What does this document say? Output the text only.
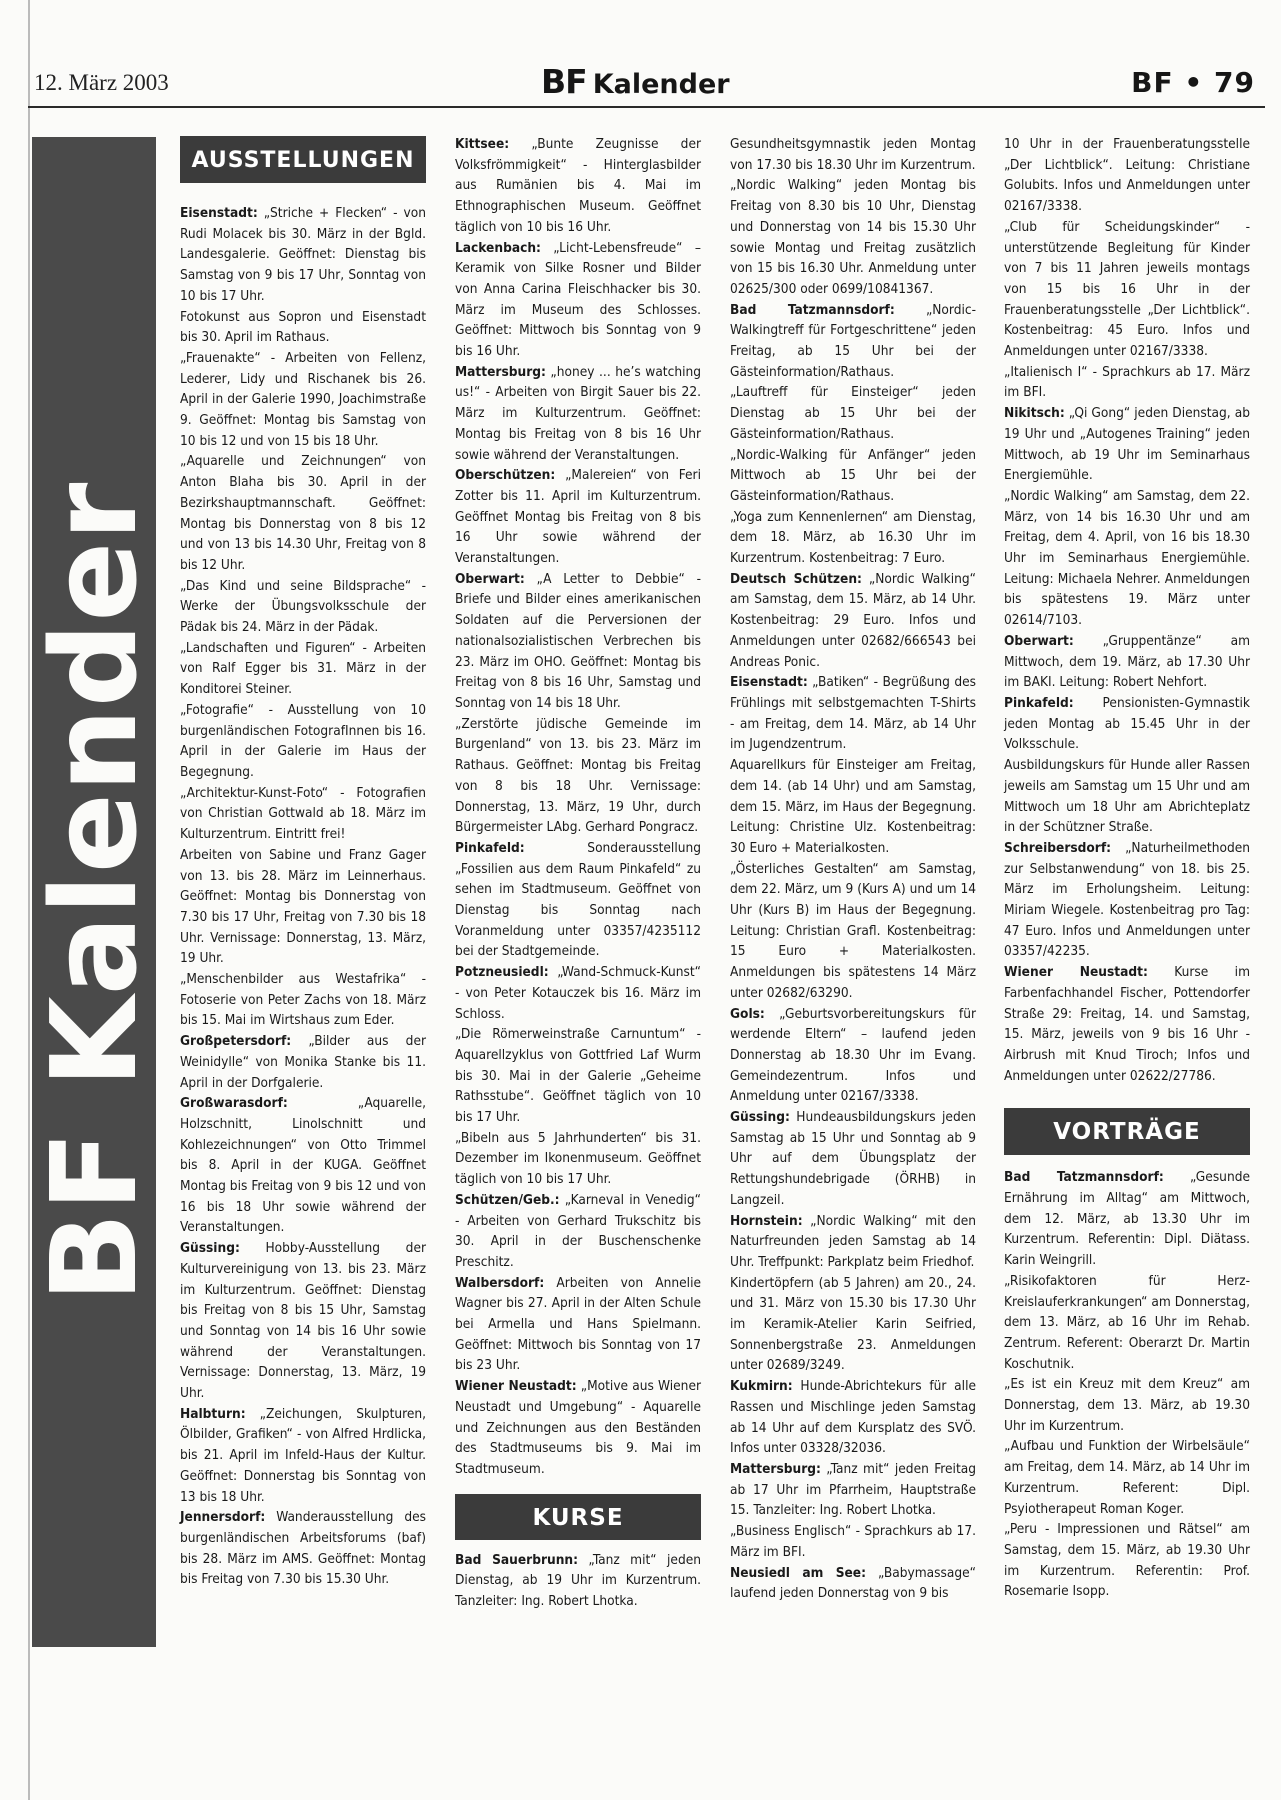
12. März 2003	BF Kalender	BF • 79
BF Kalender
AUSSTELLUNGEN

Eisenstadt: „Striche + Flecken“ - von Rudi Molacek bis 30. März in der Bgld. Landesgalerie. Geöffnet: Dienstag bis Samstag von 9 bis 17 Uhr, Sonntag von 10 bis 17 Uhr.

Fotokunst aus Sopron und Eisenstadt bis 30. April im Rathaus.

„Frauenakte“ - Arbeiten von Fellenz, Lederer, Lidy und Rischanek bis 26. April in der Galerie 1990, Joachimstraße 9. Geöffnet: Montag bis Samstag von 10 bis 12 und von 15 bis 18 Uhr.

„Aquarelle und Zeichnungen“ von Anton Blaha bis 30. April in der Bezirkshauptmannschaft. Geöffnet: Montag bis Donnerstag von 8 bis 12 und von 13 bis 14.30 Uhr, Freitag von 8 bis 12 Uhr.

„Das Kind und seine Bildsprache“ - Werke der Übungsvolksschule der Pädak bis 24. März in der Pädak.

„Landschaften und Figuren“ - Arbeiten von Ralf Egger bis 31. März in der Konditorei Steiner.

„Fotografie“ - Ausstellung von 10 burgenländischen FotografInnen bis 16. April in der Galerie im Haus der Begegnung.

„Architektur-Kunst-Foto“ - Fotografien von Christian Gottwald ab 18. März im Kulturzentrum. Eintritt frei!

Arbeiten von Sabine und Franz Gager von 13. bis 28. März im Leinnerhaus. Geöffnet: Montag bis Donnerstag von 7.30 bis 17 Uhr, Freitag von 7.30 bis 18 Uhr. Vernissage: Donnerstag, 13. März, 19 Uhr.

„Menschenbilder aus Westafrika“ - Fotoserie von Peter Zachs von 18. März bis 15. Mai im Wirtshaus zum Eder.

Großpetersdorf: „Bilder aus der Weinidylle“ von Monika Stanke bis 11. April in der Dorfgalerie.

Großwarasdorf: „Aquarelle, Holzschnitt, Linolschnitt und Kohlezeichnungen“ von Otto Trimmel bis 8. April in der KUGA. Geöffnet Montag bis Freitag von 9 bis 12 und von 16 bis 18 Uhr sowie während der Veranstaltungen.

Güssing: Hobby-Ausstellung der Kulturvereinigung von 13. bis 23. März im Kulturzentrum. Geöffnet: Dienstag bis Freitag von 8 bis 15 Uhr, Samstag und Sonntag von 14 bis 16 Uhr sowie während der Veranstaltungen. Vernissage: Donnerstag, 13. März, 19 Uhr.

Halbturn: „Zeichungen, Skulpturen, Ölbilder, Grafiken“ - von Alfred Hrdlicka, bis 21. April im Infeld-Haus der Kultur. Geöffnet: Donnerstag bis Sonntag von 13 bis 18 Uhr.

Jennersdorf: Wanderausstellung des burgenländischen Arbeitsforums (baf) bis 28. März im AMS. Geöffnet: Montag bis Freitag von 7.30 bis 15.30 Uhr.

Kittsee: „Bunte Zeugnisse der Volksfrömmigkeit“ - Hinterglasbilder aus Rumänien bis 4. Mai im Ethnographischen Museum. Geöffnet täglich von 10 bis 16 Uhr.

Lackenbach: „Licht-Lebensfreude“ – Keramik von Silke Rosner und Bilder von Anna Carina Fleischhacker bis 30. März im Museum des Schlosses. Geöffnet: Mittwoch bis Sonntag von 9 bis 16 Uhr.

Mattersburg: „honey ... he’s watching us!“ - Arbeiten von Birgit Sauer bis 22. März im Kulturzentrum. Geöffnet: Montag bis Freitag von 8 bis 16 Uhr sowie während der Veranstaltungen.

Oberschützen: „Malereien“ von Feri Zotter bis 11. April im Kulturzentrum. Geöffnet Montag bis Freitag von 8 bis 16 Uhr sowie während der Veranstaltungen.

Oberwart: „A Letter to Debbie“ - Briefe und Bilder eines amerikanischen Soldaten auf die Perversionen der nationalsozialistischen Verbrechen bis 23. März im OHO. Geöffnet: Montag bis Freitag von 8 bis 16 Uhr, Samstag und Sonntag von 14 bis 18 Uhr.

„Zerstörte jüdische Gemeinde im Burgenland“ von 13. bis 23. März im Rathaus. Geöffnet: Montag bis Freitag von 8 bis 18 Uhr. Vernissage: Donnerstag, 13. März, 19 Uhr, durch Bürgermeister LAbg. Gerhard Pongracz.

Pinkafeld: Sonderausstellung „Fossilien aus dem Raum Pinkafeld“ zu sehen im Stadtmuseum. Geöffnet von Dienstag bis Sonntag nach Voranmeldung unter 03357/4235112 bei der Stadtgemeinde.

Potzneusiedl: „Wand-Schmuck-Kunst“ - von Peter Kotauczek bis 16. März im Schloss.

„Die Römerweinstraße Carnuntum“ - Aquarellzyklus von Gottfried Laf Wurm bis 30. Mai in der Galerie „Geheime Rathsstube“. Geöffnet täglich von 10 bis 17 Uhr.

„Bibeln aus 5 Jahrhunderten“ bis 31. Dezember im Ikonenmuseum. Geöffnet täglich von 10 bis 17 Uhr.

Schützen/Geb.: „Karneval in Venedig“ - Arbeiten von Gerhard Trukschitz bis 30. April in der Buschenschenke Preschitz.

Walbersdorf: Arbeiten von Annelie Wagner bis 27. April in der Alten Schule bei Armella und Hans Spielmann. Geöffnet: Mittwoch bis Sonntag von 17 bis 23 Uhr.

Wiener Neustadt: „Motive aus Wiener Neustadt und Umgebung“ - Aquarelle und Zeichnungen aus den Beständen des Stadtmuseums bis 9. Mai im Stadtmuseum.

KURSE

Bad Sauerbrunn: „Tanz mit“ jeden Dienstag, ab 19 Uhr im Kurzentrum. Tanzleiter: Ing. Robert Lhotka.

Gesundheitsgymnastik jeden Montag von 17.30 bis 18.30 Uhr im Kurzentrum.

„Nordic Walking“ jeden Montag bis Freitag von 8.30 bis 10 Uhr, Dienstag und Donnerstag von 14 bis 15.30 Uhr sowie Montag und Freitag zusätzlich von 15 bis 16.30 Uhr. Anmeldung unter 02625/300 oder 0699/10841367.

Bad Tatzmannsdorf: „Nordic-Walkingtreff für Fortgeschrittene“ jeden Freitag, ab 15 Uhr bei der Gästeinformation/Rathaus.

„Lauftreff für Einsteiger“ jeden Dienstag ab 15 Uhr bei der Gästeinformation/Rathaus.

„Nordic-Walking für Anfänger“ jeden Mittwoch ab 15 Uhr bei der Gästeinformation/Rathaus.

„Yoga zum Kennenlernen“ am Dienstag, dem 18. März, ab 16.30 Uhr im Kurzentrum. Kostenbeitrag: 7 Euro.

Deutsch Schützen: „Nordic Walking“ am Samstag, dem 15. März, ab 14 Uhr. Kostenbeitrag: 29 Euro. Infos und Anmeldungen unter 02682/666543 bei Andreas Ponic.

Eisenstadt: „Batiken“ - Begrüßung des Frühlings mit selbstgemachten T-Shirts - am Freitag, dem 14. März, ab 14 Uhr im Jugendzentrum.

Aquarellkurs für Einsteiger am Freitag, dem 14. (ab 14 Uhr) und am Samstag, dem 15. März, im Haus der Begegnung. Leitung: Christine Ulz. Kostenbeitrag: 30 Euro + Materialkosten.

„Österliches Gestalten“ am Samstag, dem 22. März, um 9 (Kurs A) und um 14 Uhr (Kurs B) im Haus der Begegnung. Leitung: Christian Grafl. Kostenbeitrag: 15 Euro + Materialkosten. Anmeldungen bis spätestens 14 März unter 02682/63290.

Gols: „Geburtsvorbereitungskurs für werdende Eltern“ – laufend jeden Donnerstag ab 18.30 Uhr im Evang. Gemeindezentrum. Infos und Anmeldung unter 02167/3338.

Güssing: Hundeausbildungskurs jeden Samstag ab 15 Uhr und Sonntag ab 9 Uhr auf dem Übungsplatz der Rettungshundebrigade (ÖRHB) in Langzeil.

Hornstein: „Nordic Walking“ mit den Naturfreunden jeden Samstag ab 14 Uhr. Treffpunkt: Parkplatz beim Friedhof.

Kindertöpfern (ab 5 Jahren) am 20., 24. und 31. März von 15.30 bis 17.30 Uhr im Keramik-Atelier Karin Seifried, Sonnenbergstraße 23. Anmeldungen unter 02689/3249.

Kukmirn: Hunde-Abrichtekurs für alle Rassen und Mischlinge jeden Samstag ab 14 Uhr auf dem Kursplatz des SVÖ. Infos unter 03328/32036.

Mattersburg: „Tanz mit“ jeden Freitag ab 17 Uhr im Pfarrheim, Hauptstraße 15. Tanzleiter: Ing. Robert Lhotka.

„Business Englisch“ - Sprachkurs ab 17. März im BFI.

Neusiedl am See: „Babymassage“ laufend jeden Donnerstag von 9 bis

10 Uhr in der Frauenberatungsstelle „Der Lichtblick“. Leitung: Christiane Golubits. Infos und Anmeldungen unter 02167/3338.

„Club für Scheidungskinder“ - unterstützende Begleitung für Kinder von 7 bis 11 Jahren jeweils montags von 15 bis 16 Uhr in der Frauenberatungsstelle „Der Lichtblick“. Kostenbeitrag: 45 Euro. Infos und Anmeldungen unter 02167/3338.

„Italienisch I“ - Sprachkurs ab 17. März im BFI.

Nikitsch: „Qi Gong“ jeden Dienstag, ab 19 Uhr und „Autogenes Training“ jeden Mittwoch, ab 19 Uhr im Seminarhaus Energiemühle.

„Nordic Walking“ am Samstag, dem 22. März, von 14 bis 16.30 Uhr und am Freitag, dem 4. April, von 16 bis 18.30 Uhr im Seminarhaus Energiemühle. Leitung: Michaela Nehrer. Anmeldungen bis spätestens 19. März unter 02614/7103.

Oberwart: „Gruppentänze“ am Mittwoch, dem 19. März, ab 17.30 Uhr im BAKI. Leitung: Robert Nehfort.

Pinkafeld: Pensionisten-Gymnastik jeden Montag ab 15.45 Uhr in der Volksschule.

Ausbildungskurs für Hunde aller Rassen jeweils am Samstag um 15 Uhr und am Mittwoch um 18 Uhr am Abrichteplatz in der Schützner Straße.

Schreibersdorf: „Naturheilmethoden zur Selbstanwendung“ von 18. bis 25. März im Erholungsheim. Leitung: Miriam Wiegele. Kostenbeitrag pro Tag: 47 Euro. Infos und Anmeldungen unter 03357/42235.

Wiener Neustadt: Kurse im Farbenfachhandel Fischer, Pottendorfer Straße 29: Freitag, 14. und Samstag, 15. März, jeweils von 9 bis 16 Uhr - Airbrush mit Knud Tiroch; Infos und Anmeldungen unter 02622/27786.

VORTRÄGE

Bad Tatzmannsdorf: „Gesunde Ernährung im Alltag“ am Mittwoch, dem 12. März, ab 13.30 Uhr im Kurzentrum. Referentin: Dipl. Diätass. Karin Weingrill.

„Risikofaktoren für Herz-Kreislauferkrankungen“ am Donnerstag, dem 13. März, ab 16 Uhr im Rehab. Zentrum. Referent: Oberarzt Dr. Martin Koschutnik.

„Es ist ein Kreuz mit dem Kreuz“ am Donnerstag, dem 13. März, ab 19.30 Uhr im Kurzentrum.

„Aufbau und Funktion der Wirbelsäule“ am Freitag, dem 14. März, ab 14 Uhr im Kurzentrum. Referent: Dipl. Psyiotherapeut Roman Koger.

„Peru - Impressionen und Rätsel“ am Samstag, dem 15. März, ab 19.30 Uhr im Kurzentrum. Referentin: Prof. Rosemarie Isopp.
